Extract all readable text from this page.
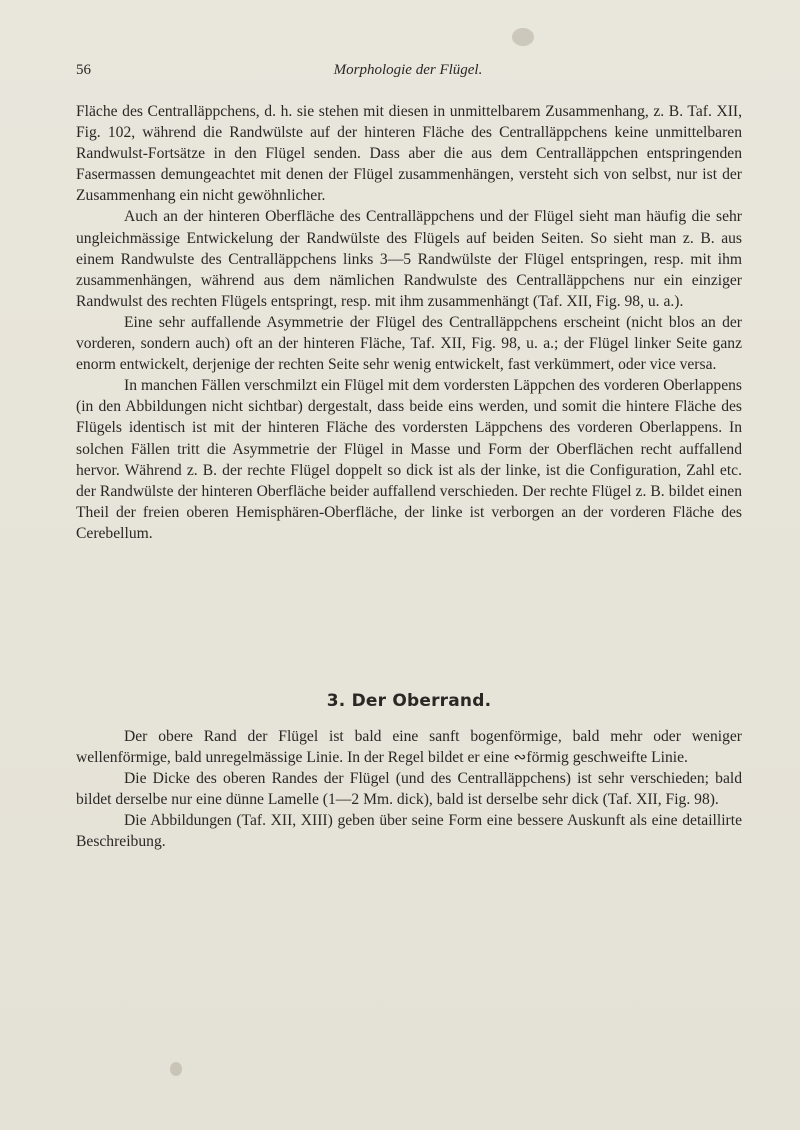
56	Morphologie der Flügel.

Fläche des Centralläppchens, d. h. sie stehen mit diesen in unmittelbarem Zusammenhang, z. B. Taf. XII, Fig. 102, während die Randwülste auf der hinteren Fläche des Centralläppchens keine unmittelbaren Randwulst-Fortsätze in den Flügel senden. Dass aber die aus dem Centralläppchen entspringenden Fasermassen demungeachtet mit denen der Flügel zusammenhängen, versteht sich von selbst, nur ist der Zusammenhang ein nicht gewöhnlicher.

Auch an der hinteren Oberfläche des Centralläppchens und der Flügel sieht man häufig die sehr ungleichmässige Entwickelung der Randwülste des Flügels auf beiden Seiten. So sieht man z. B. aus einem Randwulste des Centralläppchens links 3—5 Randwülste der Flügel entspringen, resp. mit ihm zusammenhängen, während aus dem nämlichen Randwulste des Centralläppchens nur ein einziger Randwulst des rechten Flügels entspringt, resp. mit ihm zusammenhängt (Taf. XII, Fig. 98, u. a.).

Eine sehr auffallende Asymmetrie der Flügel des Centralläppchens erscheint (nicht blos an der vorderen, sondern auch) oft an der hinteren Fläche, Taf. XII, Fig. 98, u. a.; der Flügel linker Seite ganz enorm entwickelt, derjenige der rechten Seite sehr wenig entwickelt, fast verkümmert, oder vice versa.

In manchen Fällen verschmilzt ein Flügel mit dem vordersten Läppchen des vorderen Oberlappens (in den Abbildungen nicht sichtbar) dergestalt, dass beide eins werden, und somit die hintere Fläche des Flügels identisch ist mit der hinteren Fläche des vordersten Läppchens des vorderen Oberlappens. In solchen Fällen tritt die Asymmetrie der Flügel in Masse und Form der Oberflächen recht auffallend hervor. Während z. B. der rechte Flügel doppelt so dick ist als der linke, ist die Configuration, Zahl etc. der Randwülste der hinteren Oberfläche beider auffallend verschieden. Der rechte Flügel z. B. bildet einen Theil der freien oberen Hemisphären-Oberfläche, der linke ist verborgen an der vorderen Fläche des Cerebellum.

3. Der Oberrand.

Der obere Rand der Flügel ist bald eine sanft bogenförmige, bald mehr oder weniger wellenförmige, bald unregelmässige Linie. In der Regel bildet er eine ∾förmig geschweifte Linie.

Die Dicke des oberen Randes der Flügel (und des Centralläppchens) ist sehr verschieden; bald bildet derselbe nur eine dünne Lamelle (1—2 Mm. dick), bald ist derselbe sehr dick (Taf. XII, Fig. 98).

Die Abbildungen (Taf. XII, XIII) geben über seine Form eine bessere Auskunft als eine detaillirte Beschreibung.
